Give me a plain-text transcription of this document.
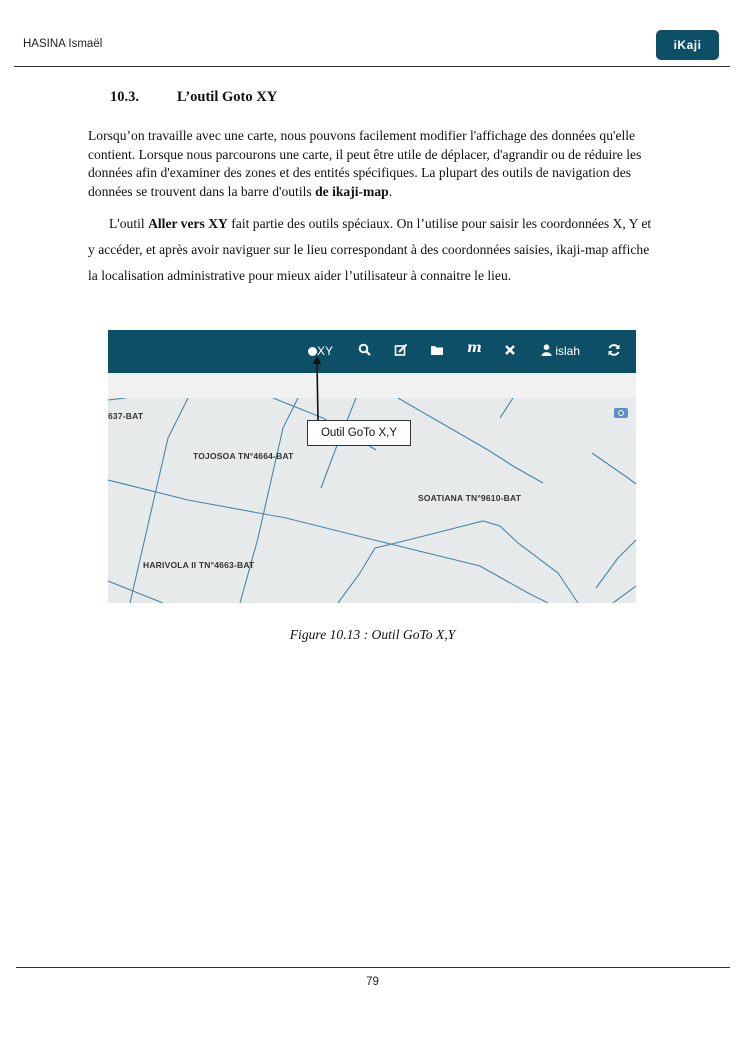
HASINA Ismaël	iKaji
10.3.	L’outil Goto XY

Lorsqu’on travaille avec une carte, nous pouvons facilement modifier l'affichage des données qu'elle contient. Lorsque nous parcourons une carte, il peut être utile de déplacer, d'agrandir ou de réduire les données afin d'examiner des zones et des entités spécifiques. La plupart des outils de navigation des données se trouvent dans la barre d'outils de ikaji-map.

L'outil Aller vers XY fait partie des outils spéciaux. On l’utilise pour saisir les coordonnées X, Y et y accéder, et après avoir naviguer sur le lieu correspondant à des coordonnées saisies, ikaji-map affiche la localisation administrative pour mieux aider l’utilisateur à connaitre le lieu.

XY	m	islah
637-BAT
TOJOSOA TN°4664-BAT
SOATIANA TN°9610-BAT
HARIVOLA II TN°4663-BAT
Outil GoTo X,Y
Figure 10.13 : Outil GoTo X,Y
79
